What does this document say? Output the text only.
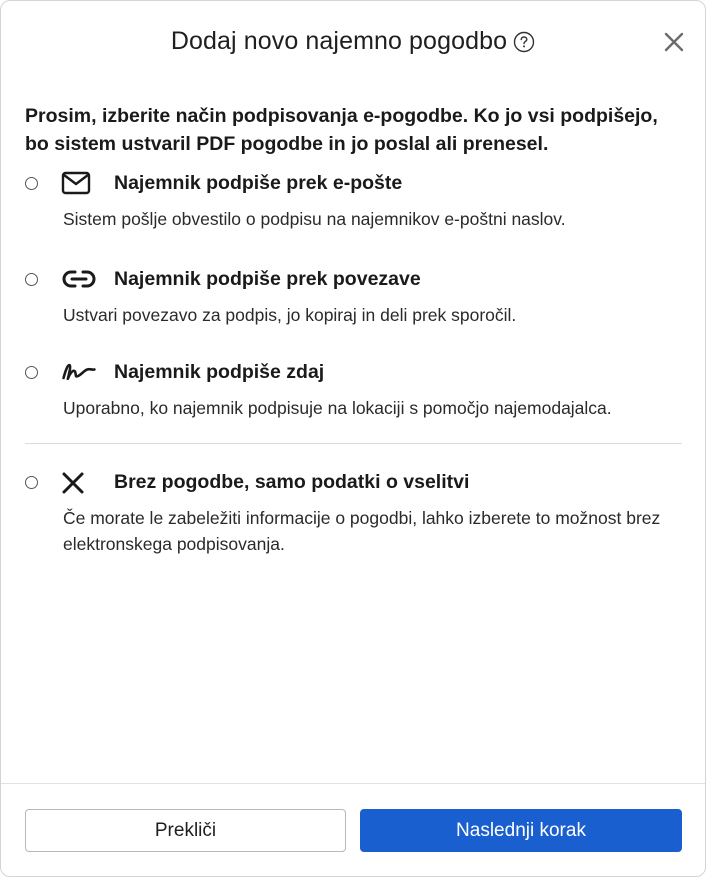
Dodaj novo najemno pogodbo
Prosim, izberite način podpisovanja e-pogodbe. Ko jo vsi podpišejo, bo sistem ustvaril PDF pogodbe in jo poslal ali prenesel.
Najemnik podpiše prek e-pošte
Sistem pošlje obvestilo o podpisu na najemnikov e-poštni naslov.
Najemnik podpiše prek povezave
Ustvari povezavo za podpis, jo kopiraj in deli prek sporočil.
Najemnik podpiše zdaj
Uporabno, ko najemnik podpisuje na lokaciji s pomočjo najemodajalca.
Brez pogodbe, samo podatki o vselitvi
Če morate le zabeležiti informacije o pogodbi, lahko izberete to možnost brez elektronskega podpisovanja.
Prekliči	Naslednji korak
